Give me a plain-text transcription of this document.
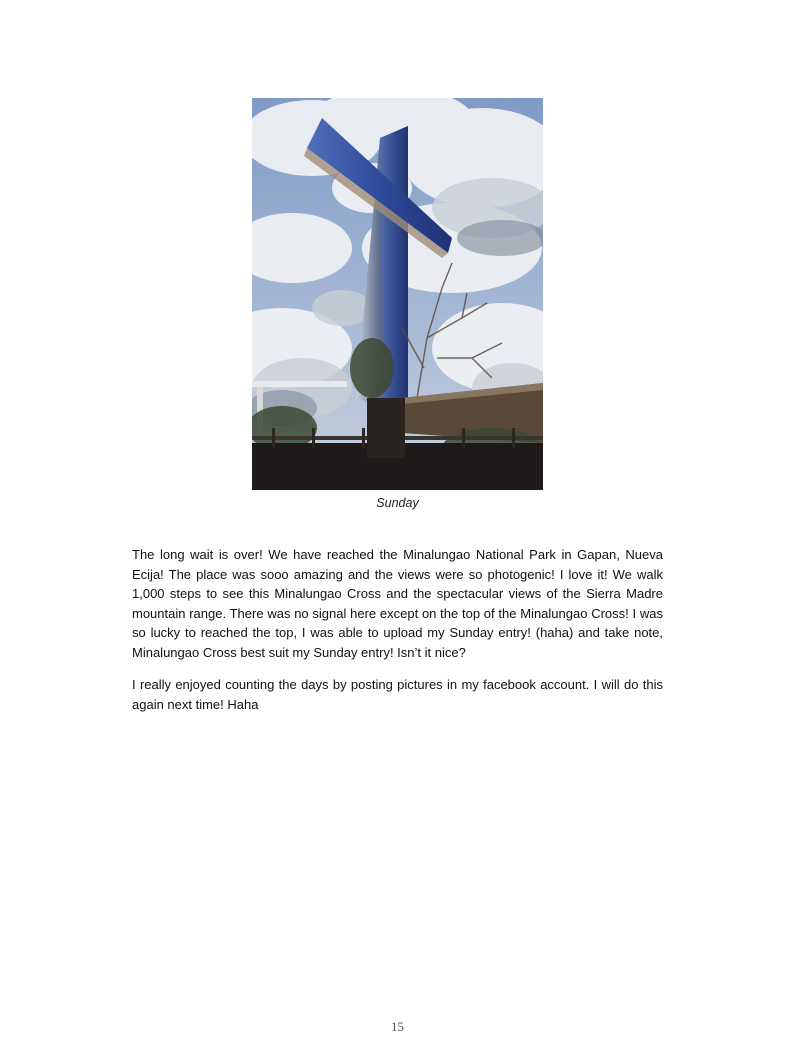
Sunday

The long wait is over! We have reached the Minalungao National Park in Gapan, Nueva Ecija! The place was sooo amazing and the views were so photogenic! I love it! We walk 1,000 steps to see this Minalungao Cross and the spectacular views of the Sierra Madre mountain range. There was no signal here except on the top of the Minalungao Cross! I was so lucky to reached the top, I was able to upload my Sunday entry! (haha) and take note, Minalungao Cross best suit my Sunday entry! Isn’t it nice?

I really enjoyed counting the days by posting pictures in my facebook account. I will do this again next time! Haha

15
